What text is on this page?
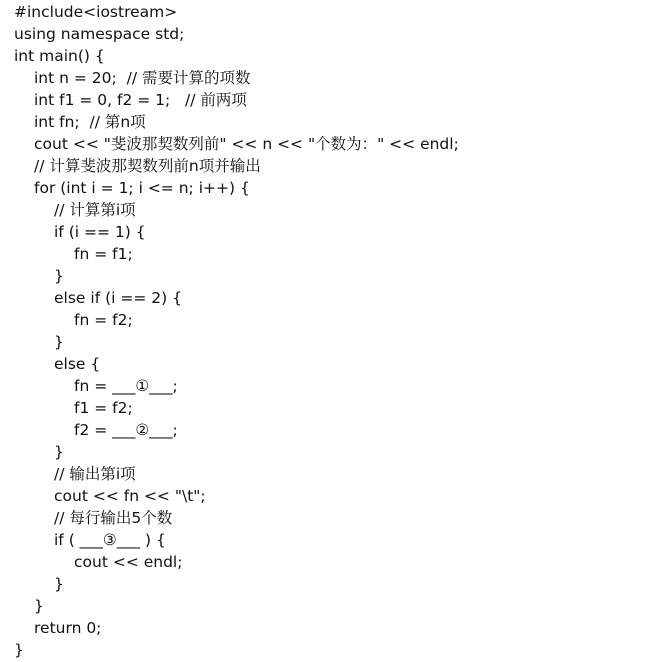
#include<iostream>
using namespace std;
int main() {
int n = 20;  // 需要计算的项数
int f1 = 0, f2 = 1;   // 前两项
int fn;  // 第n项
cout << "斐波那契数列前" << n << "个数为：" << endl;
// 计算斐波那契数列前n项并输出
for (int i = 1; i <= n; i++) {
// 计算第i项
if (i == 1) {
fn = f1;
}
else if (i == 2) {
fn = f2;
}
else {
fn = ___①___;
f1 = f2;
f2 = ___②___;
}
// 输出第i项
cout << fn << "\t";
// 每行输出5个数
if ( ___③___ ) {
cout << endl;
}
}
return 0;
}
